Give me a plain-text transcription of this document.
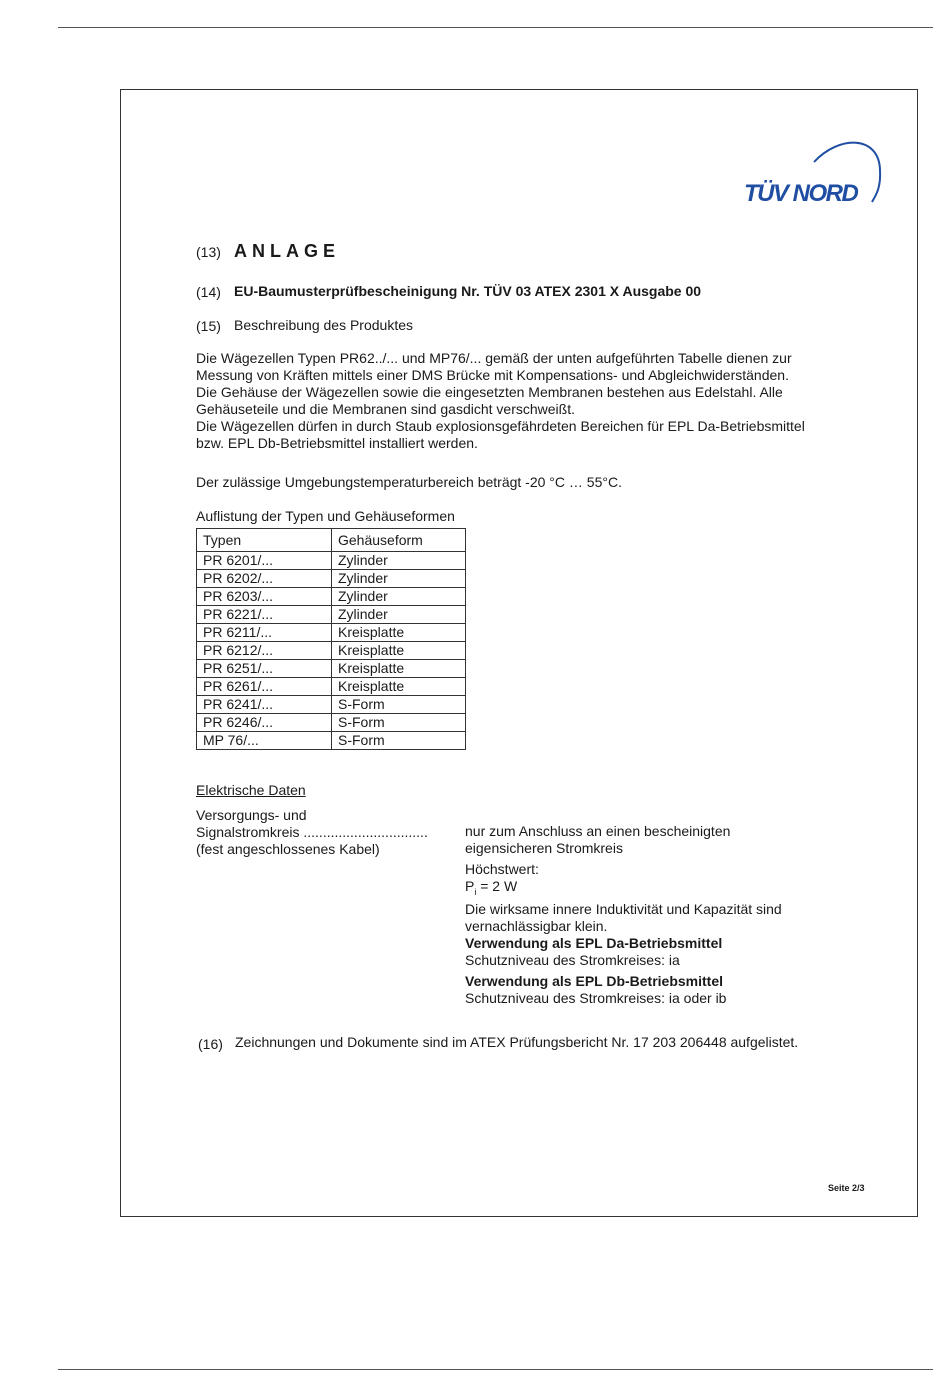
TÜV NORD
(13) ANLAGE
(14) EU-Baumusterprüfbescheinigung Nr. TÜV 03 ATEX 2301 X Ausgabe 00
(15) Beschreibung des Produktes
Die Wägezellen Typen PR62../... und MP76/... gemäß der unten aufgeführten Tabelle dienen zur
Messung von Kräften mittels einer DMS Brücke mit Kompensations- und Abgleichwiderständen.
Die Gehäuse der Wägezellen sowie die eingesetzten Membranen bestehen aus Edelstahl. Alle
Gehäuseteile und die Membranen sind gasdicht verschweißt.
Die Wägezellen dürfen in durch Staub explosionsgefährdeten Bereichen für EPL Da-Betriebsmittel
bzw. EPL Db-Betriebsmittel installiert werden.
Der zulässige Umgebungstemperaturbereich beträgt -20 °C … 55°C.
Auflistung der Typen und Gehäuseformen
Typen	Gehäuseform
PR 6201/...	Zylinder
PR 6202/...	Zylinder
PR 6203/...	Zylinder
PR 6221/...	Zylinder
PR 6211/...	Kreisplatte
PR 6212/...	Kreisplatte
PR 6251/...	Kreisplatte
PR 6261/...	Kreisplatte
PR 6241/...	S-Form
PR 6246/...	S-Form
MP 76/...	S-Form
Elektrische Daten
Versorgungs- und
Signalstromkreis ................................
(fest angeschlossenes Kabel)
nur zum Anschluss an einen bescheinigten
eigensicheren Stromkreis
Höchstwert:
$P_i = 2$ W
Die wirksame innere Induktivität und Kapazität sind
vernachlässigbar klein.
Verwendung als EPL Da-Betriebsmittel
Schutzniveau des Stromkreises: ia
Verwendung als EPL Db-Betriebsmittel
Schutzniveau des Stromkreises: ia oder ib
(16) Zeichnungen und Dokumente sind im ATEX Prüfungsbericht Nr. 17 203 206448 aufgelistet.
Seite 2/3
